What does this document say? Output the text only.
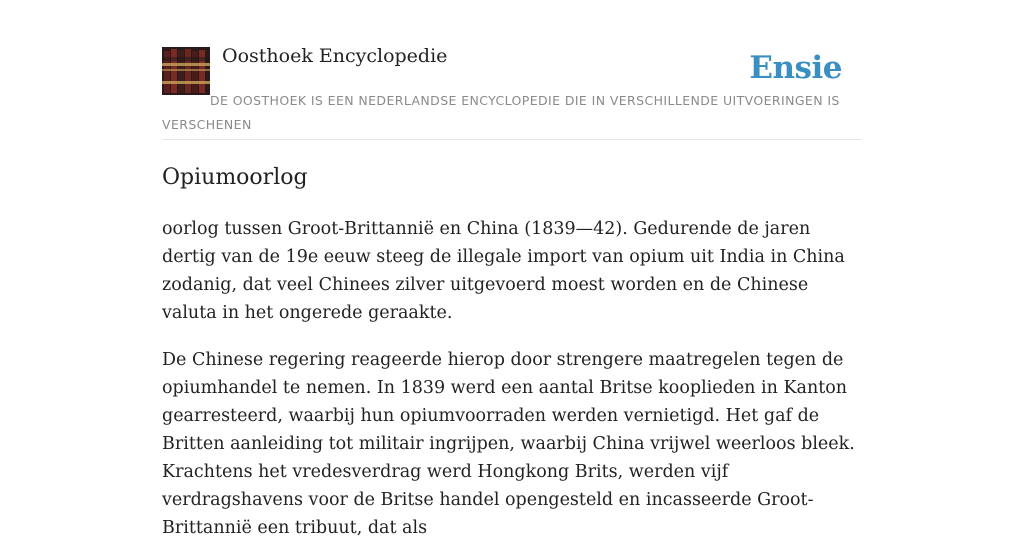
Oosthoek Encyclopedie	Ensie

DE OOSTHOEK IS EEN NEDERLANDSE ENCYCLOPEDIE DIE IN VERSCHILLENDE UITVOERINGEN IS VERSCHENEN

Opiumoorlog

oorlog tussen Groot-Brittannië en China (1839—42). Gedurende de jaren dertig van de 19e eeuw steeg de illegale import van opium uit India in China zodanig, dat veel Chinees zilver uitgevoerd moest worden en de Chinese valuta in het ongerede geraakte.

De Chinese regering reageerde hierop door strengere maatregelen tegen de opiumhandel te nemen. In 1839 werd een aantal Britse kooplieden in Kanton gearresteerd, waarbij hun opiumvoorraden werden vernietigd. Het gaf de Britten aanleiding tot militair ingrijpen, waarbij China vrijwel weerloos bleek. Krachtens het vredesverdrag werd Hongkong Brits, werden vijf verdragshavens voor de Britse handel opengesteld en incasseerde Groot-Brittannië een tribuut, dat als
